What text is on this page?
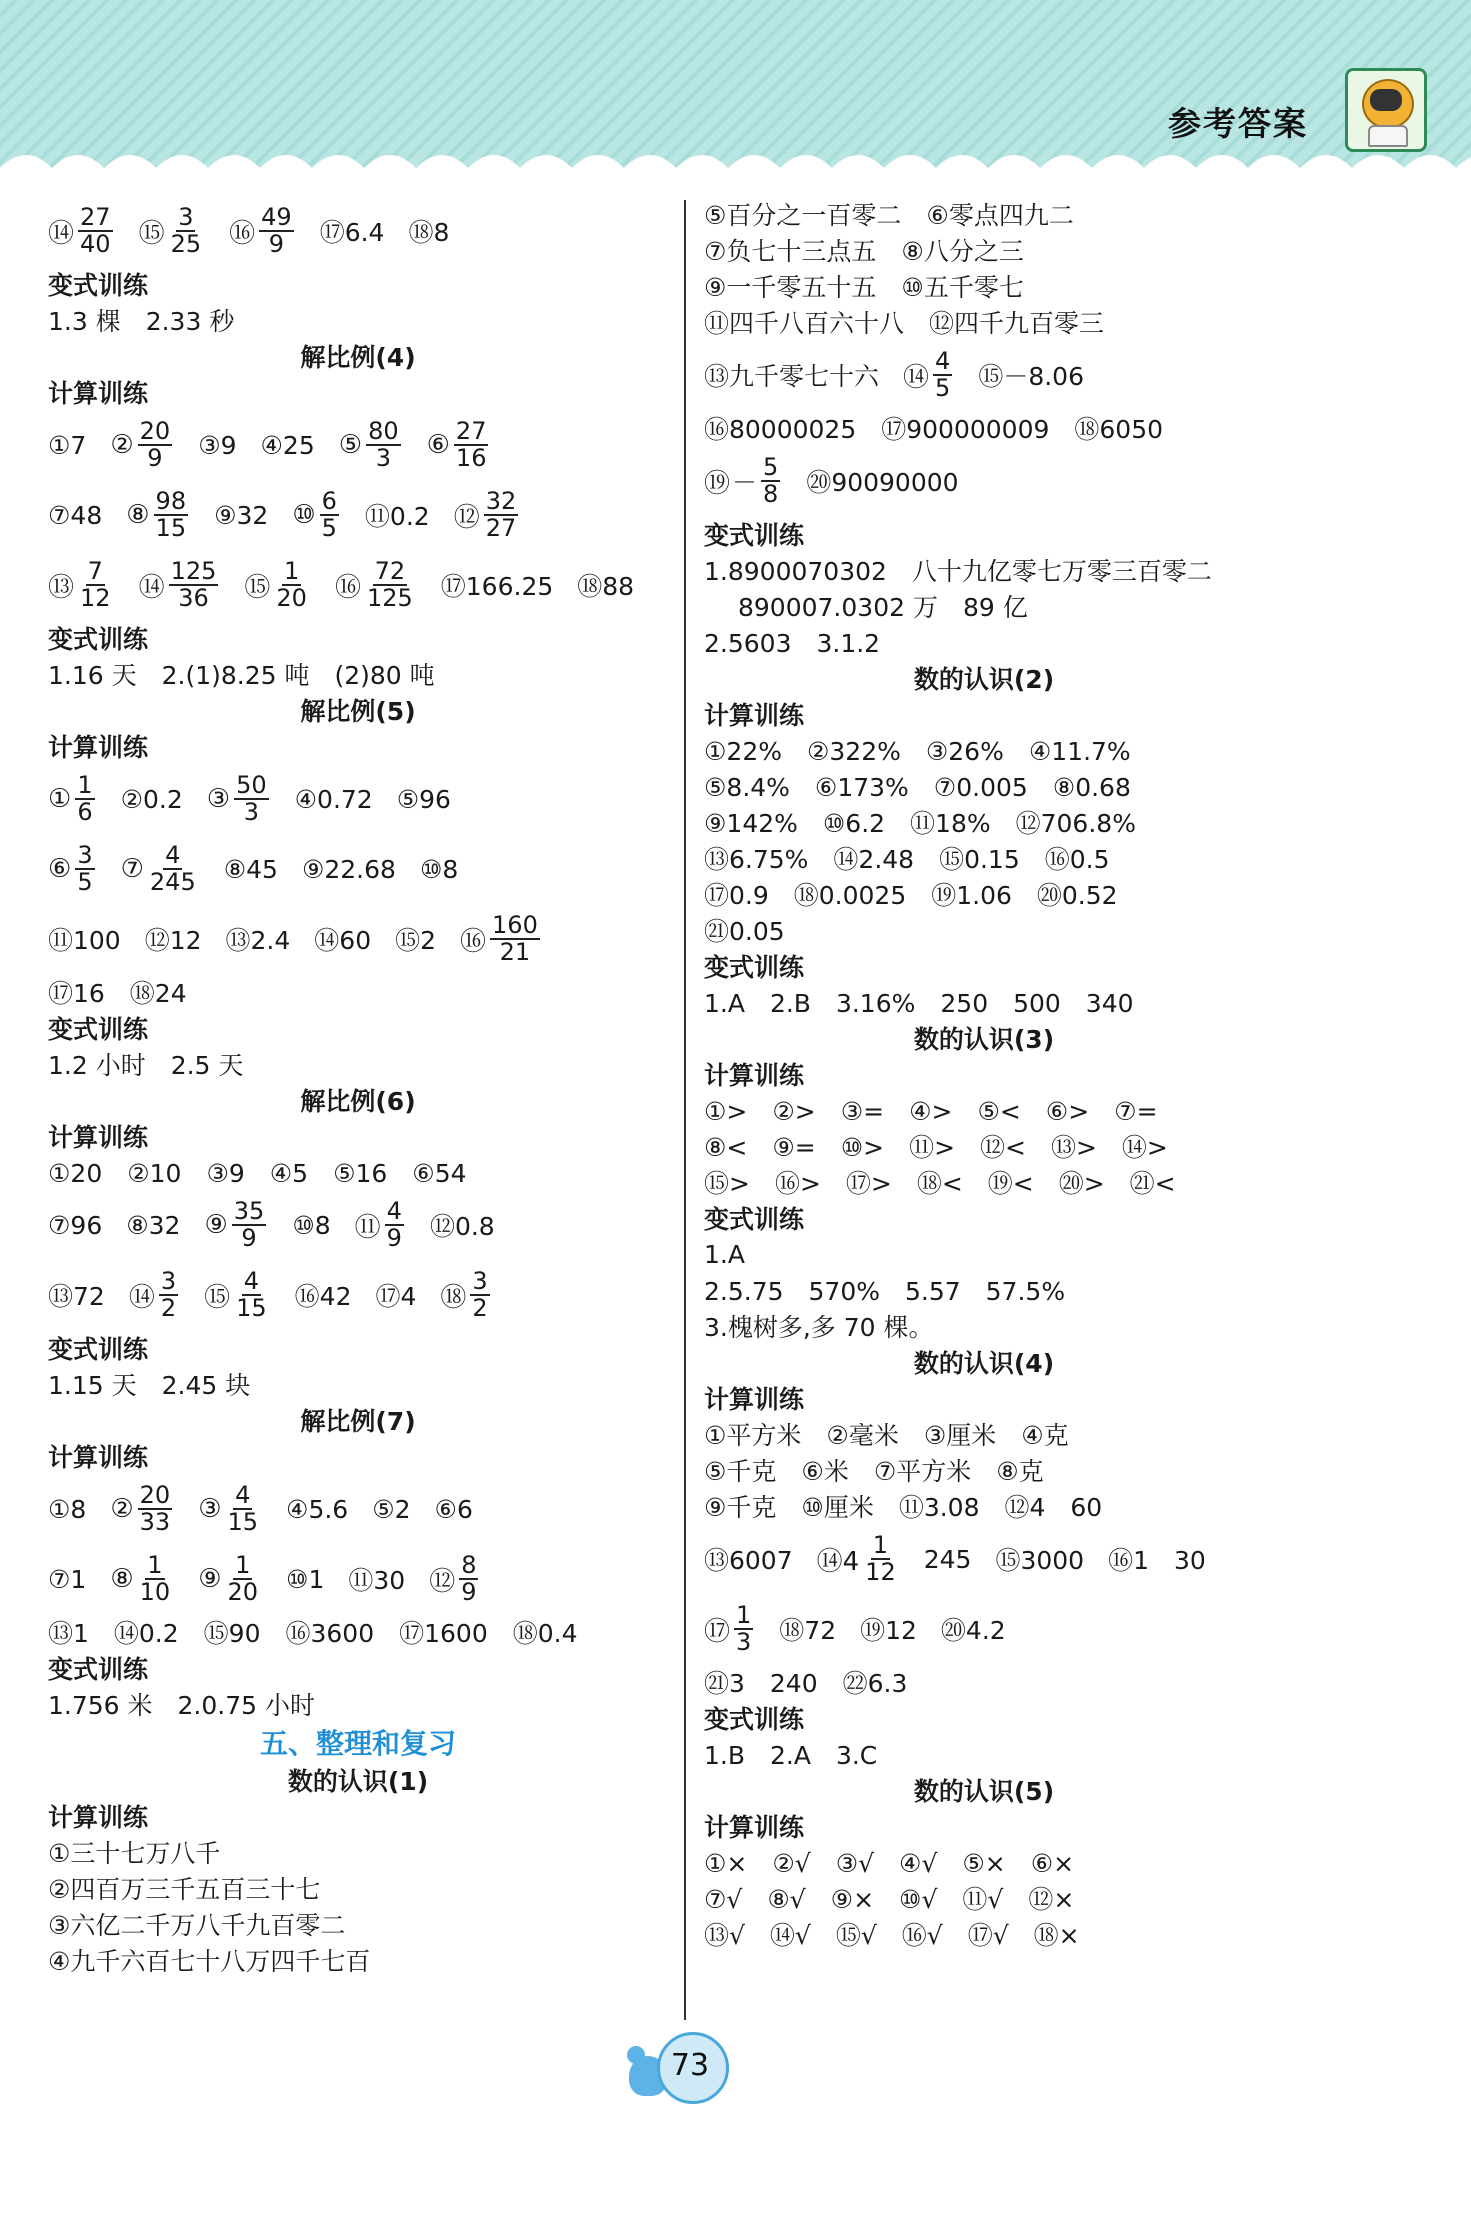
参考答案
⑭ $\frac{27}{40}$ ⑮ $\frac{3}{25}$ ⑯ $\frac{49}{9}$ ⑰6.4 ⑱8
变式训练
1.3 棵　2.33 秒
解比例(4)
计算训练
①7 ② $\frac{20}{9}$ ③9 ④25 ⑤ $\frac{80}{3}$ ⑥ $\frac{27}{16}$
⑦48 ⑧ $\frac{98}{15}$ ⑨32 ⑩ $\frac{6}{5}$ ⑪0.2 ⑫ $\frac{32}{27}$
⑬ $\frac{7}{12}$ ⑭ $\frac{125}{36}$ ⑮ $\frac{1}{20}$ ⑯ $\frac{72}{125}$ ⑰166.25 ⑱88
变式训练
1.16 天　2.(1)8.25 吨　(2)80 吨
解比例(5)
计算训练
① $\frac{1}{6}$ ②0.2 ③ $\frac{50}{3}$ ④0.72 ⑤96
⑥ $\frac{3}{5}$ ⑦ $\frac{4}{245}$ ⑧45 ⑨22.68 ⑩8
⑪100 ⑫12 ⑬2.4 ⑭60 ⑮2 ⑯ $\frac{160}{21}$
⑰16　⑱24
变式训练
1.2 小时　2.5 天
解比例(6)
计算训练
①20　②10　③9　④5　⑤16　⑥54
⑦96 ⑧32 ⑨ $\frac{35}{9}$ ⑩8 ⑪ $\frac{4}{9}$ ⑫0.8
⑬72 ⑭ $\frac{3}{2}$ ⑮ $\frac{4}{15}$ ⑯42 ⑰4 ⑱ $\frac{3}{2}$
变式训练
1.15 天　2.45 块
解比例(7)
计算训练
①8 ② $\frac{20}{33}$ ③ $\frac{4}{15}$ ④5.6 ⑤2 ⑥6
⑦1 ⑧ $\frac{1}{10}$ ⑨ $\frac{1}{20}$ ⑩1 ⑪30 ⑫ $\frac{8}{9}$
⑬1　⑭0.2　⑮90　⑯3600　⑰1600　⑱0.4
变式训练
1.756 米　2.0.75 小时
五、整理和复习
数的认识(1)
计算训练
①三十七万八千
②四百万三千五百三十七
③六亿二千万八千九百零二
④九千六百七十八万四千七百
⑤百分之一百零二　⑥零点四九二
⑦负七十三点五　⑧八分之三
⑨一千零五十五　⑩五千零七
⑪四千八百六十八　⑫四千九百零三
⑬九千零七十六 ⑭ $\frac{4}{5}$ ⑮－8.06
⑯80000025　⑰900000009　⑱6050
⑲ － $\frac{5}{8}$ ⑳90090000
变式训练
1.8900070302　八十九亿零七万零三百零二
890007.0302 万　89 亿
2.5603　3.1.2
数的认识(2)
计算训练
①22%　②322%　③26%　④11.7%
⑤8.4%　⑥173%　⑦0.005　⑧0.68
⑨142%　⑩6.2　⑪18%　⑫706.8%
⑬6.75%　⑭2.48　⑮0.15　⑯0.5
⑰0.9　⑱0.0025　⑲1.06　⑳0.52
㉑0.05
变式训练
1.A　2.B　3.16%　250　500　340
数的认识(3)
计算训练
①>　②>　③=　④>　⑤<　⑥>　⑦=
⑧<　⑨=　⑩>　⑪>　⑫<　⑬>　⑭>
⑮>　⑯>　⑰>　⑱<　⑲<　⑳>　㉑<
变式训练
1.A
2.5.75　570%　5.57　57.5%
3.槐树多,多 70 棵。
数的认识(4)
计算训练
①平方米　②毫米　③厘米　④克
⑤千克　⑥米　⑦平方米　⑧克
⑨千克　⑩厘米　⑪3.08　⑫4　60
⑬6007 ⑭4 $\frac{1}{12} 245$ ⑮3000 ⑯1　30
⑰ $\frac{1}{3}$ ⑱72 ⑲12 ⑳4.2
㉑3　240　㉒6.3
变式训练
1.B　2.A　3.C
数的认识(5)
计算训练
①×　②√　③√　④√　⑤×　⑥×
⑦√　⑧√　⑨×　⑩√　⑪√　⑫×
⑬√　⑭√　⑮√　⑯√　⑰√　⑱×
73
